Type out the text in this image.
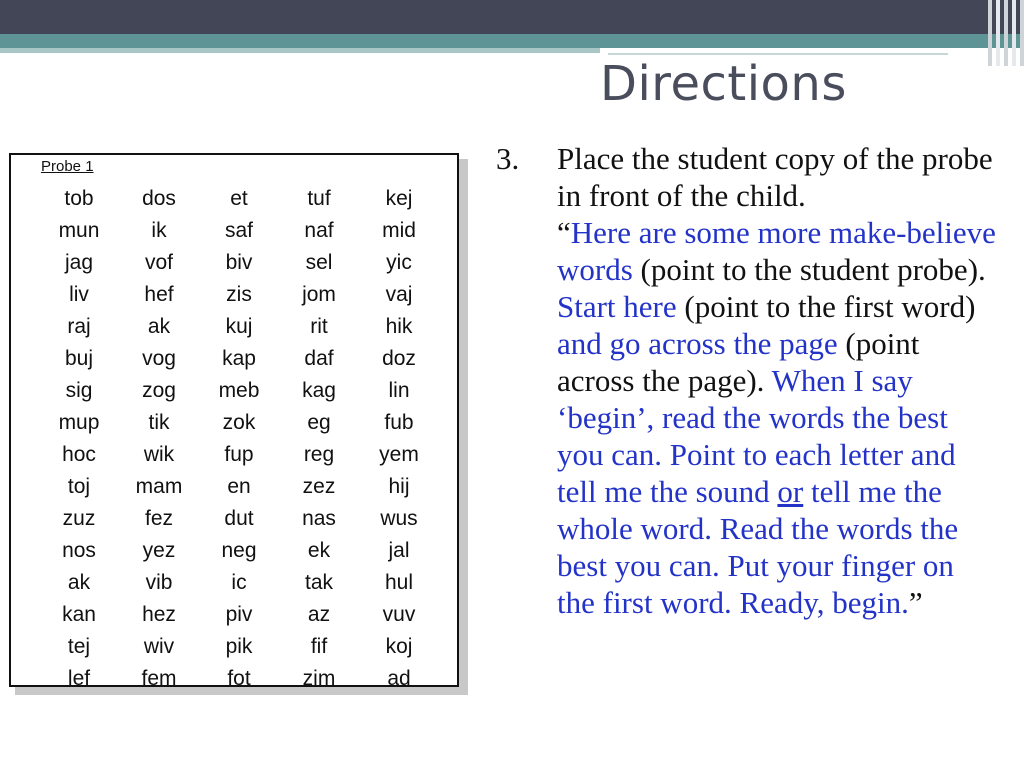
Directions
Probe 1
tob	dos	et	tuf	kej
mun	ik	saf	naf	mid
jag	vof	biv	sel	yic
liv	hef	zis	jom	vaj
raj	ak	kuj	rit	hik
buj	vog	kap	daf	doz
sig	zog	meb	kag	lin
mup	tik	zok	eg	fub
hoc	wik	fup	reg	yem
toj	mam	en	zez	hij
zuz	fez	dut	nas	wus
nos	yez	neg	ek	jal
ak	vib	ic	tak	hul
kan	hez	piv	az	vuv
tej	wiv	pik	fif	koj
lef	fem	fot	zim	ad
3. Place the student copy of the probe in front of the child.
“Here are some more make-believe words (point to the student probe). Start here (point to the first word) and go across the page (point across the page). When I say ‘begin’, read the words the best you can. Point to each letter and tell me the sound or tell me the whole word. Read the words the best you can. Put your finger on the first word. Ready, begin.”
